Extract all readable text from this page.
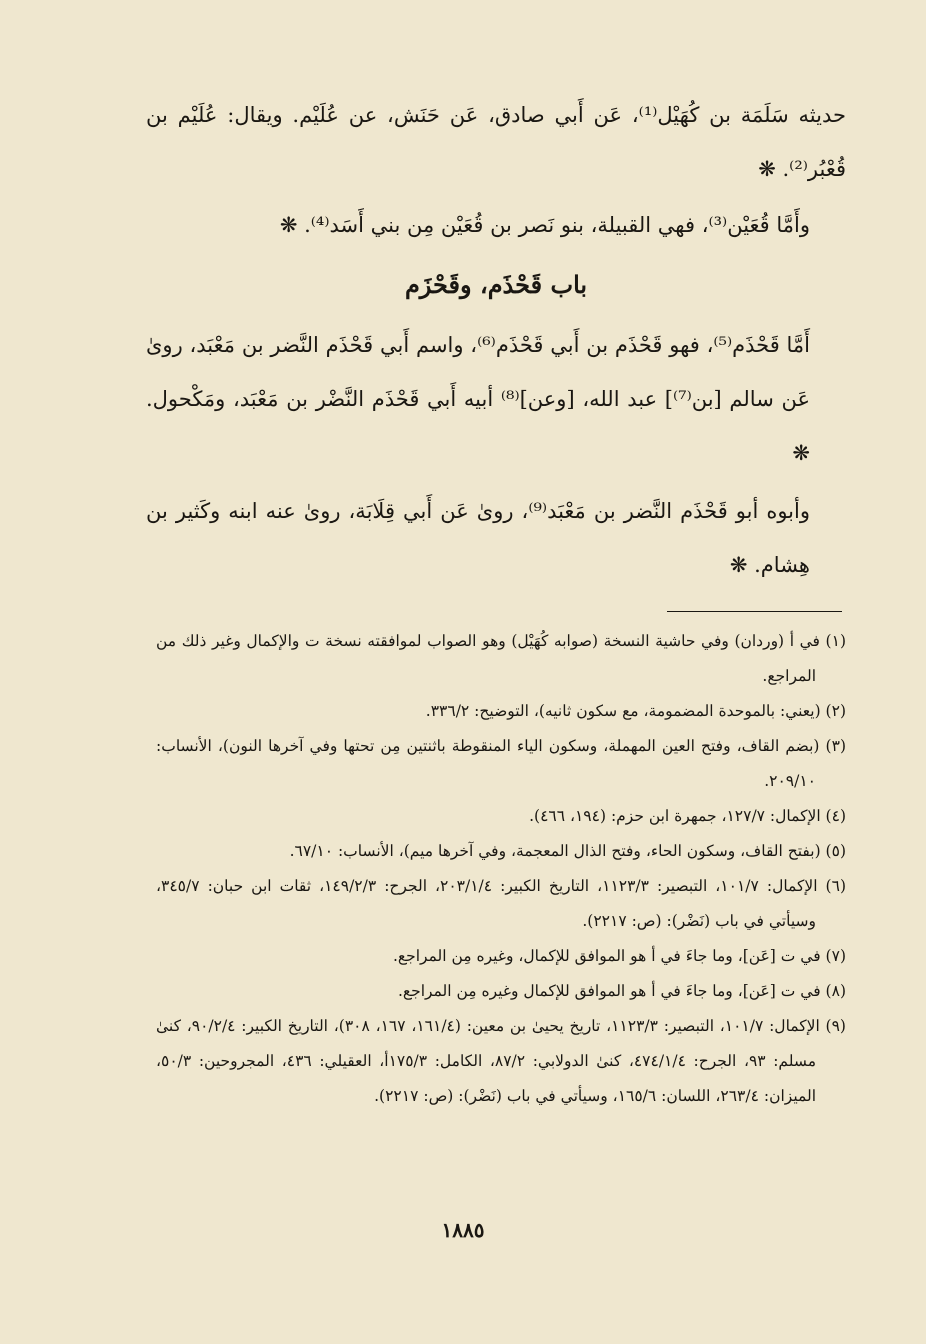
حديثه سَلَمَة بن كُهَيْل⁽¹⁾، عَن أَبي صادق، عَن حَنَش، عن عُلَيْم. ويقال: عُلَيْم بن قُعْبُر⁽²⁾. ❋

وأَمَّا قُعَيْن⁽³⁾، فهي القبيلة، بنو نَصر بن قُعَيْن مِن بني أَسَد⁽⁴⁾. ❋

باب قَحْذَم، وقَحْزَم

أَمَّا قَحْذَم⁽⁵⁾، فهو قَحْذَم بن أَبي قَحْذَم⁽⁶⁾، واسم أَبي قَحْذَم النَّضر بن مَعْبَد، روىٰ عَن سالم [بن⁽⁷⁾] عبد الله، [وعن]⁽⁸⁾ أبيه أَبي قَحْذَم النَّضْر بن مَعْبَد، ومَكْحول. ❋

وأبوه أبو قَحْذَم النَّضر بن مَعْبَد⁽⁹⁾، روىٰ عَن أَبي قِلَابَة، روىٰ عنه ابنه وكَثير بن هِشام. ❋

(١) في أ (وردان) وفي حاشية النسخة (صوابه كُهَيْل) وهو الصواب لموافقته نسخة ت والإكمال وغير ذلك من المراجع.

(٢) (يعني: بالموحدة المضمومة، مع سكون ثانيه)، التوضيح: ٣٣٦/٢.

(٣) (بضم القاف، وفتح العين المهملة، وسكون الياء المنقوطة باثنتين مِن تحتها وفي آخرها النون)، الأنساب: ٢٠٩/١٠.

(٤) الإكمال: ١٢٧/٧، جمهرة ابن حزم: (١٩٤، ٤٦٦).

(٥) (بفتح القاف، وسكون الحاء، وفتح الذال المعجمة، وفي آخرها ميم)، الأنساب: ٦٧/١٠.

(٦) الإكمال: ١٠١/٧، التبصير: ١١٢٣/٣، التاريخ الكبير: ٢٠٣/١/٤، الجرح: ١٤٩/٢/٣، ثقات ابن حبان: ٣٤٥/٧، وسيأتي في باب (نَضْر): (ص: ٢٢١٧).

(٧) في ت [عَن]، وما جاءَ في أ هو الموافق للإكمال، وغيره مِن المراجع.

(٨) في ت [عَن]، وما جاءَ في أ هو الموافق للإكمال وغيره مِن المراجع.

(٩) الإكمال: ١٠١/٧، التبصير: ١١٢٣/٣، تاريخ يحيىٰ بن معين: (١٦١/٤، ١٦٧، ٣٠٨)، التاريخ الكبير: ٩٠/٢/٤، كنىٰ مسلم: ٩٣، الجرح: ٤٧٤/١/٤، كنىٰ الدولابي: ٨٧/٢، الكامل: ١٧٥/٣أ، العقيلي: ٤٣٦، المجروحين: ٥٠/٣، الميزان: ٢٦٣/٤، اللسان: ١٦٥/٦، وسيأتي في باب (نَضْر): (ص: ٢٢١٧).

١٨٨٥
